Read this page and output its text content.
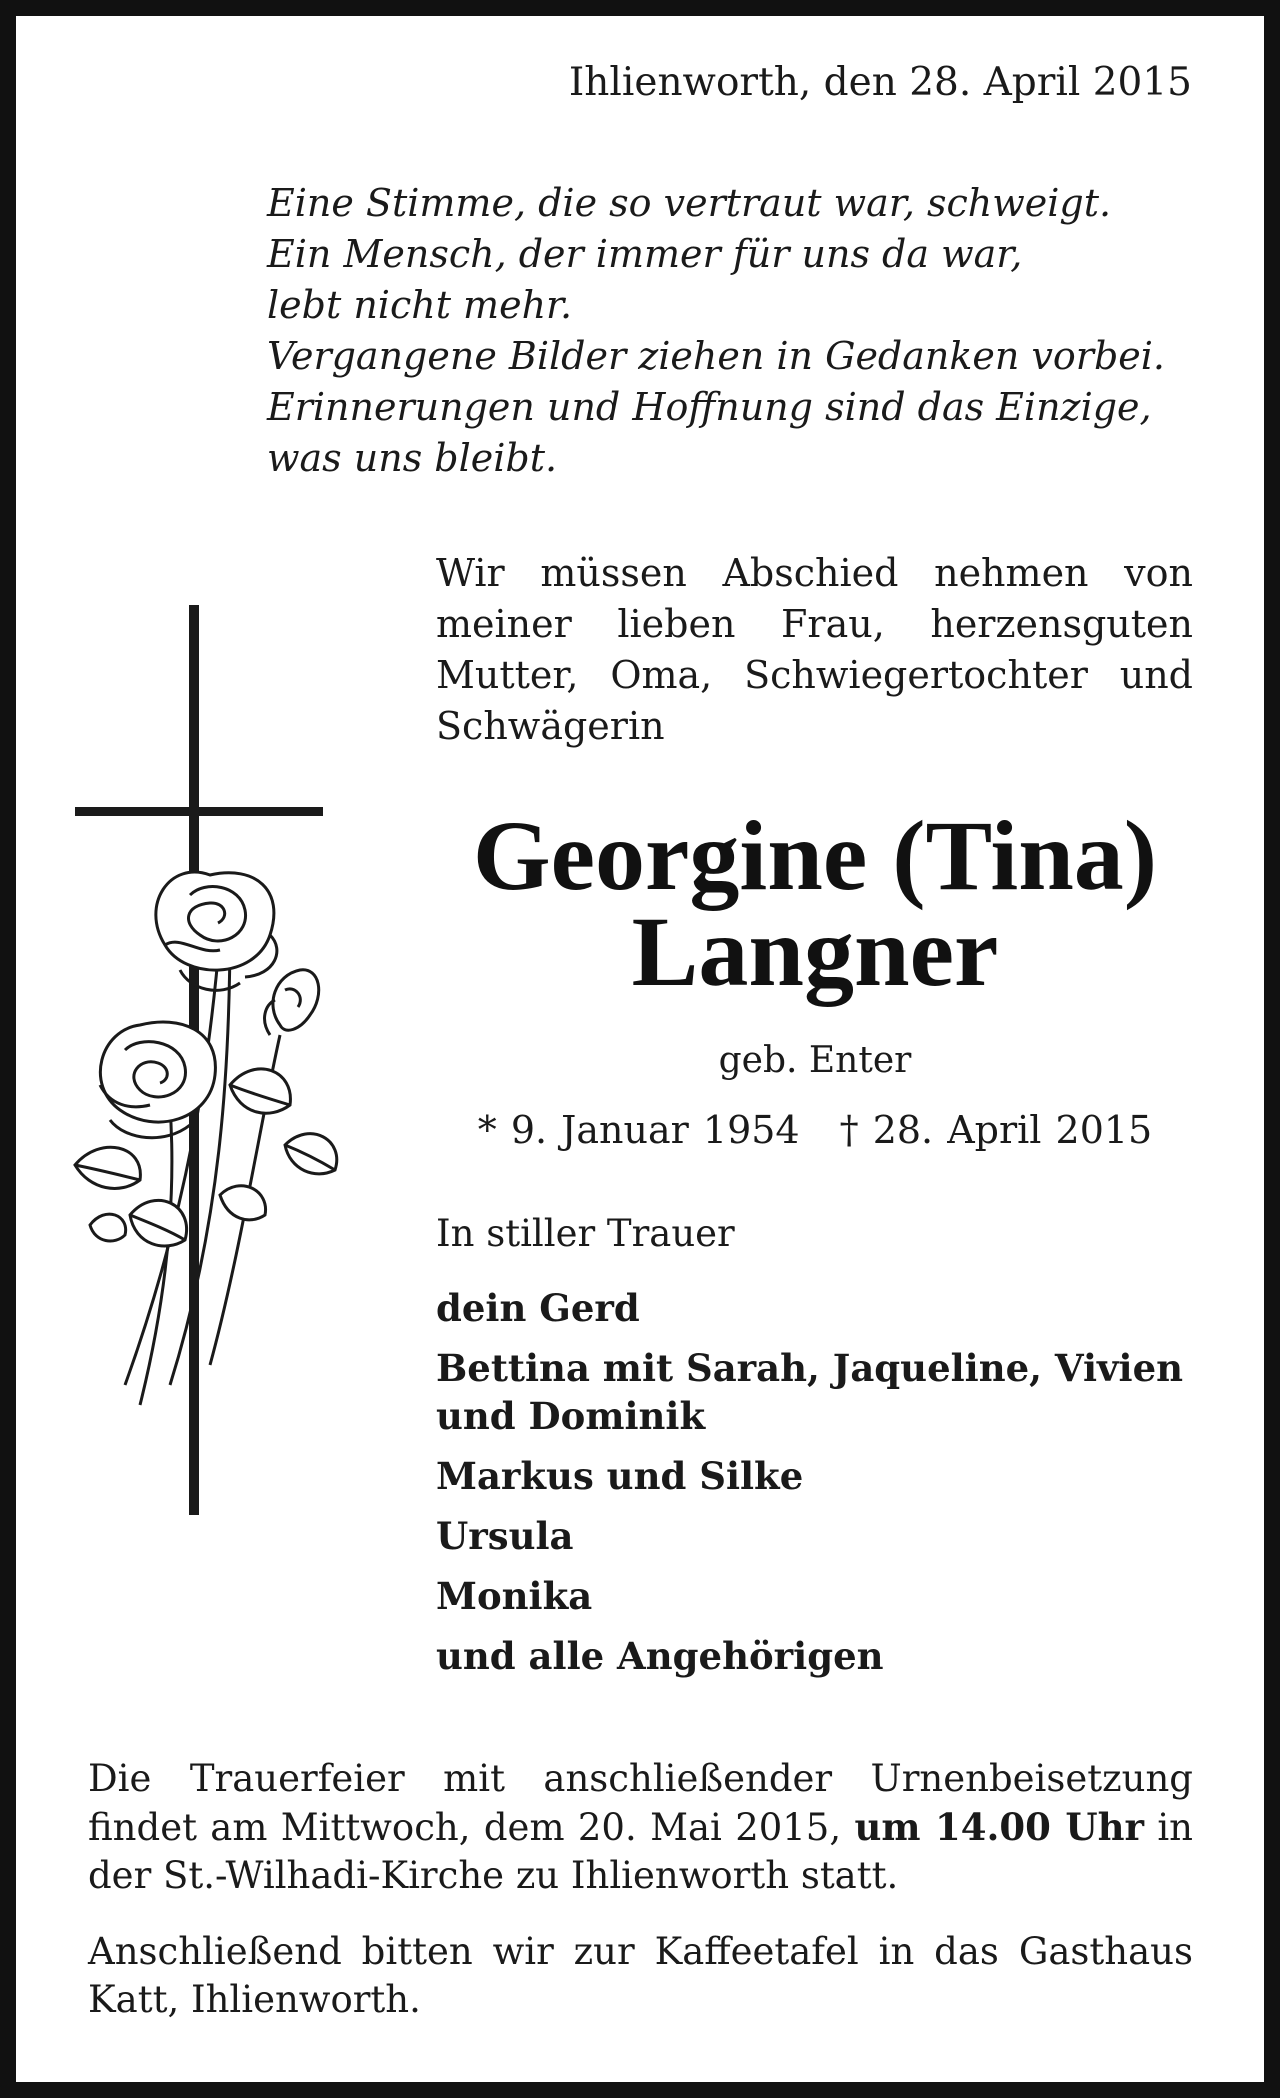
Ihlienworth, den 28. April 2015
Eine Stimme, die so vertraut war, schweigt.
Ein Mensch, der immer für uns da war,
lebt nicht mehr.
Vergangene Bilder ziehen in Gedanken vorbei.
Erinnerungen und Hoffnung sind das Einzige,
was uns bleibt.
Wir müssen Abschied nehmen von
meiner lieben Frau, herzensguten
Mutter, Oma, Schwiegertochter und
Schwägerin
Georgine (Tina)
Langner
geb. Enter
* 9. Januar 1954 † 28. April 2015
In stiller Trauer
dein Gerd
Bettina mit Sarah, Jaqueline, Vivien
und Dominik
Markus und Silke
Ursula
Monika
und alle Angehörigen
Die Trauerfeier mit anschließender Urnenbeisetzung
findet am Mittwoch, dem 20. Mai 2015, um 14.00 Uhr in
der St.-Wilhadi-Kirche zu Ihlienworth statt.
Anschließend bitten wir zur Kaffeetafel in das Gasthaus
Katt, Ihlienworth.
